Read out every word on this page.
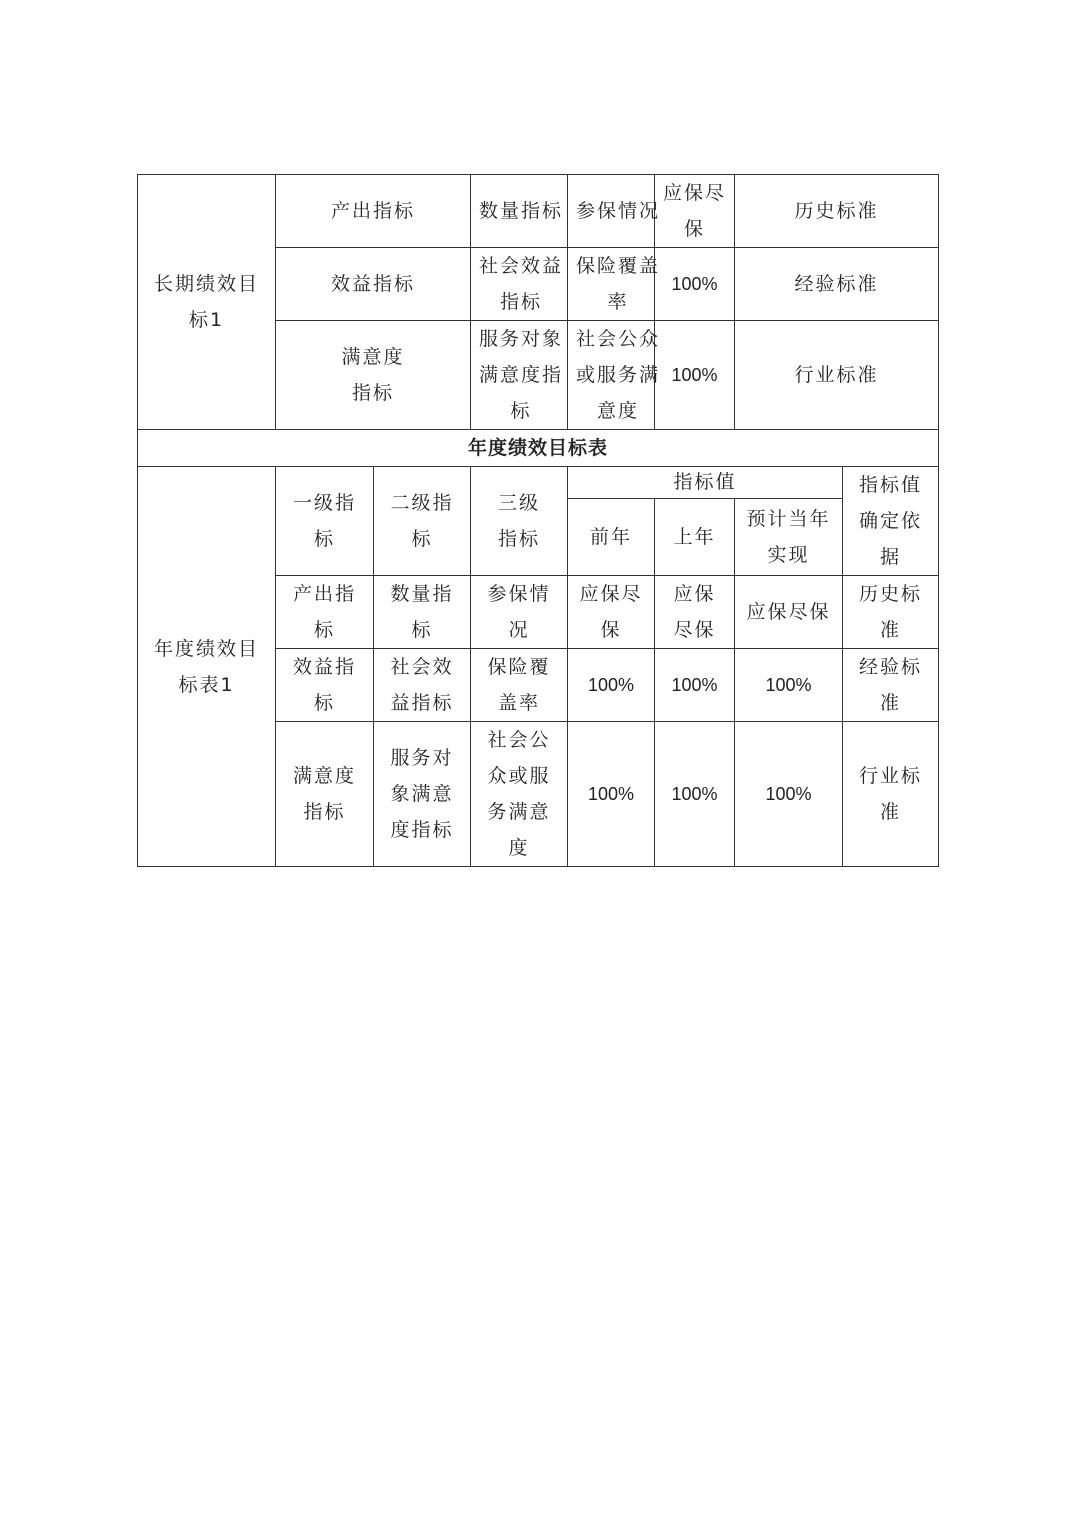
长期绩效目标1	产出指标	数量指标	参保情况	应保尽保	历史标准
	效益指标	社会效益指标	保险覆盖率	100%	经验标准
	满意度指标	服务对象满意度指标	社会公众或服务满意度	100%	行业标准
年度绩效目标表					
年度绩效目标表1	一级指标	二级指标	三级指标	指标值			指标值确定依据
				前年	上年	预计当年实现	
	产出指标	数量指标	参保情况	应保尽保	应保尽保	应保尽保	历史标准
	效益指标	社会效益指标	保险覆盖率	100%	100%	100%	经验标准
	满意度指标	服务对象满意度指标	社会公众或服务满意度	100%	100%	100%	行业标准
